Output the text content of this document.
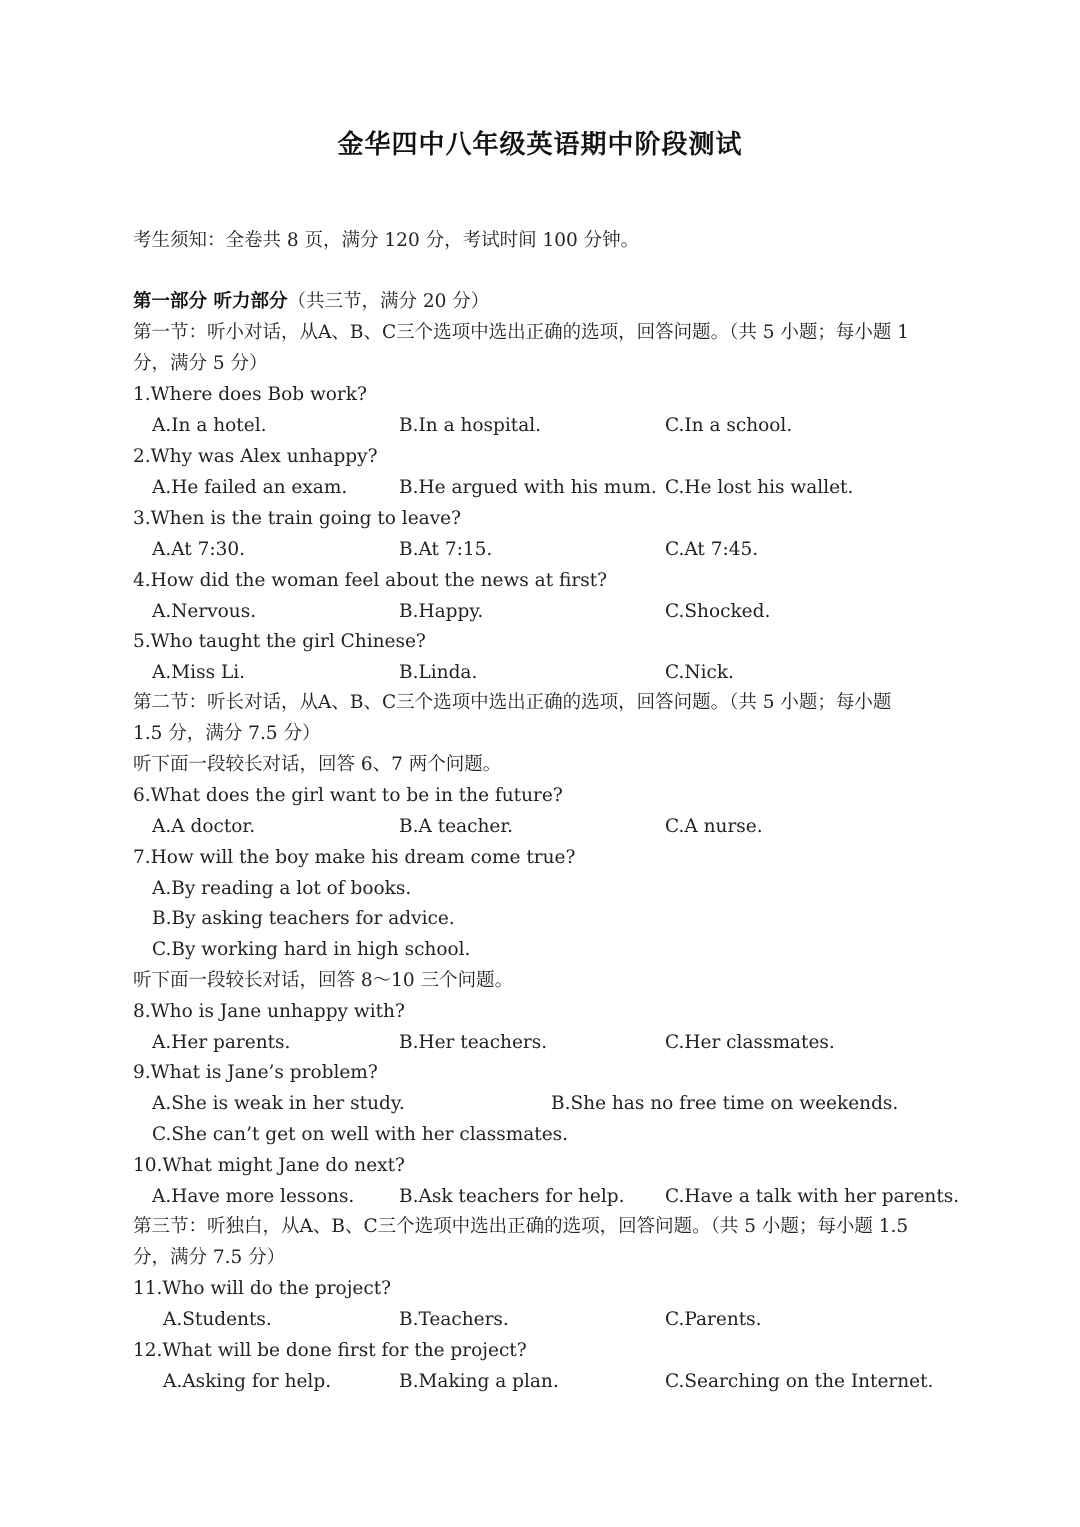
金华四中八年级英语期中阶段测试
考生须知：全卷共 8 页，满分 120 分，考试时间 100 分钟。
第一部分 听力部分（共三节，满分 20 分）
第一节：听小对话，从A、B、C三个选项中选出正确的选项，回答问题。（共 5 小题；每小题 1
分，满分 5 分）
1.Where does Bob work?
A.In a hotel.	B.In a hospital.	C.In a school.
2.Why was Alex unhappy?
A.He failed an exam.	B.He argued with his mum. C.He lost his wallet.
3.When is the train going to leave?
A.At 7:30.	B.At 7:15.	C.At 7:45.
4.How did the woman feel about the news at first?
A.Nervous.	B.Happy.	C.Shocked.
5.Who taught the girl Chinese?
A.Miss Li.	B.Linda.	C.Nick.
第二节：听长对话，从A、B、C三个选项中选出正确的选项，回答问题。（共 5 小题；每小题
1.5 分，满分 7.5 分）
听下面一段较长对话，回答 6、7 两个问题。
6.What does the girl want to be in the future?
A.A doctor.	B.A teacher.	C.A nurse.
7.How will the boy make his dream come true?
A.By reading a lot of books.
B.By asking teachers for advice.
C.By working hard in high school.
听下面一段较长对话，回答 8～10 三个问题。
8.Who is Jane unhappy with?
A.Her parents.	B.Her teachers.	C.Her classmates.
9.What is Jane’s problem?
A.She is weak in her study.	B.She has no free time on weekends.
C.She can’t get on well with her classmates.
10.What might Jane do next?
A.Have more lessons. B.Ask teachers for help. C.Have a talk with her parents.
第三节：听独白，从A、B、C三个选项中选出正确的选项，回答问题。（共 5 小题；每小题 1.5
分，满分 7.5 分）
11.Who will do the project?
A.Students.	B.Teachers.	C.Parents.
12.What will be done first for the project?
A.Asking for help.	B.Making a plan.	C.Searching on the Internet.
